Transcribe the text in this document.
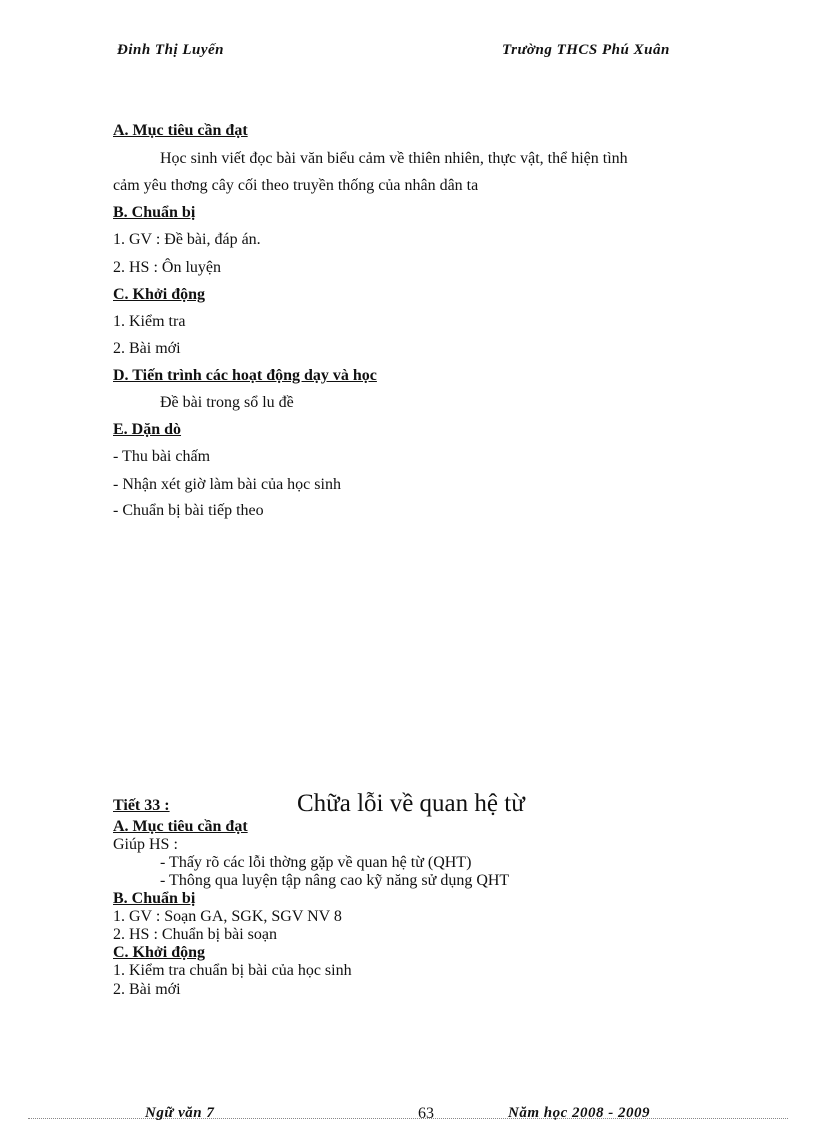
Đinh Thị Luyến	Trường THCS Phú Xuân
A. Mục tiêu cần đạt
Học sinh viết đọc bài văn biểu cảm về thiên nhiên, thực vật, thể hiện tình
cảm yêu thơng cây cối theo truyền thống của nhân dân ta
B. Chuẩn bị
1. GV : Đề bài, đáp án.
2. HS : Ôn luyện
C. Khởi động
1. Kiểm tra
2. Bài mới
D. Tiến trình các hoạt động dạy và học
Đề bài trong sổ lu đề
E. Dặn dò
- Thu bài chấm
- Nhận xét giờ làm bài của học sinh
- Chuẩn bị bài tiếp theo
Tiết 33 :	Chữa lỗi về quan hệ từ
A. Mục tiêu cần đạt
Giúp HS :
- Thấy rõ các lỗi thờng gặp về quan hệ từ (QHT)
- Thông qua luyện tập nâng cao kỹ năng sử dụng QHT
B. Chuẩn bị
1. GV : Soạn GA, SGK, SGV NV 8
2. HS : Chuẩn bị bài soạn
C. Khởi động
1. Kiểm tra chuẩn bị bài của học sinh
2. Bài mới
Ngữ văn 7	63	Năm học 2008 - 2009
